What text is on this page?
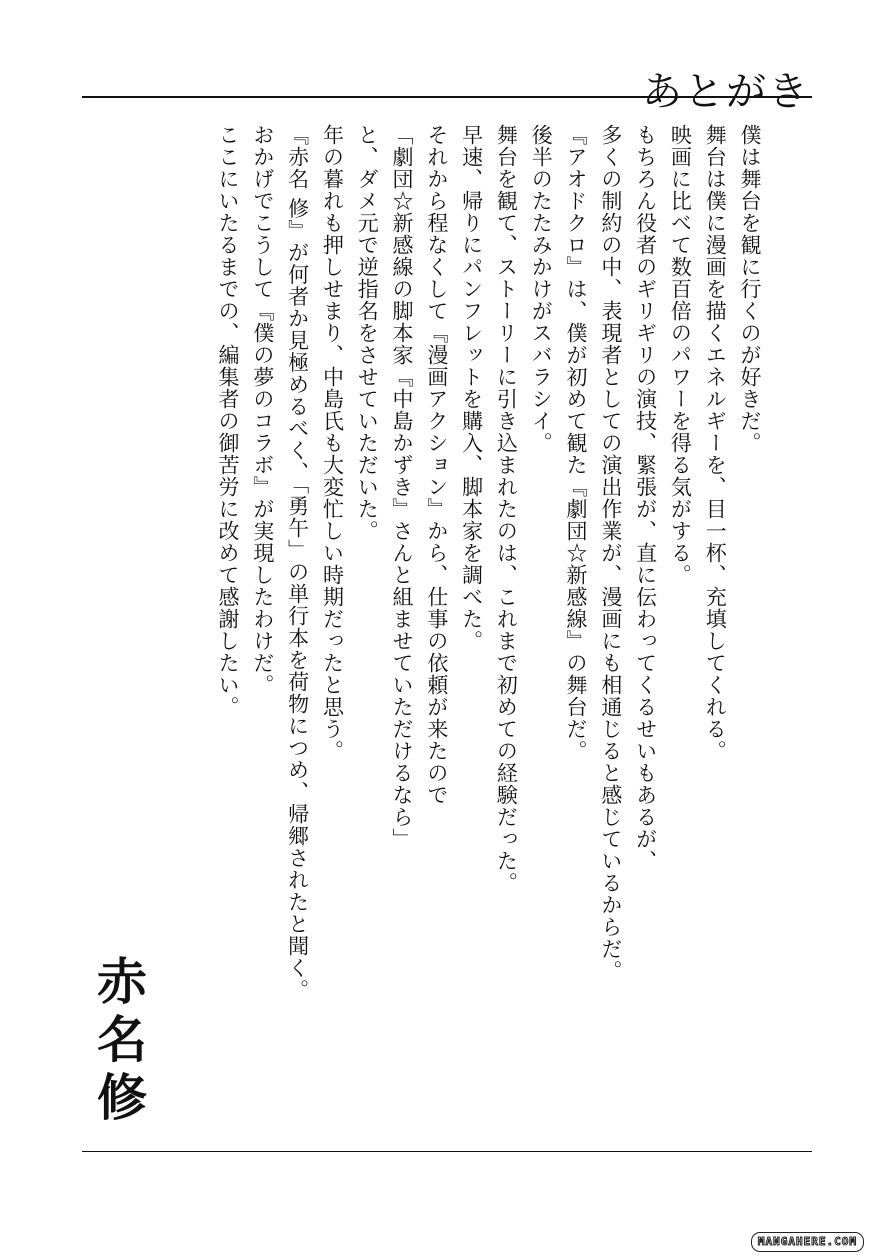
あとがき
僕は舞台を観に行くのが好きだ。
舞台は僕に漫画を描くエネルギーを、目一杯、充填してくれる。
映画に比べて数百倍のパワーを得る気がする。
もちろん役者のギリギリの演技、緊張が、直に伝わってくるせいもあるが、
多くの制約の中、表現者としての演出作業が、漫画にも相通じると感じているからだ。
『アオドクロ』は、僕が初めて観た『劇団☆新感線』の舞台だ。
後半のたたみかけがスバラシイ。
舞台を観て、ストーリーに引き込まれたのは、これまで初めての経験だった。
早速、帰りにパンフレットを購入、脚本家を調べた。
それから程なくして『漫画アクション』から、仕事の依頼が来たので
「劇団☆新感線の脚本家『中島かずき』さんと組ませていただけるなら」
と、ダメ元で逆指名をさせていただいた。
年の暮れも押しせまり、中島氏も大変忙しい時期だったと思う。
『赤名 修』が何者か見極めるべく、「勇午」の単行本を荷物につめ、帰郷されたと聞く。
おかげでこうして『僕の夢のコラボ』が実現したわけだ。
ここにいたるまでの、編集者の御苦労に改めて感謝したい。
赤名修
MANGAHERE.COM
